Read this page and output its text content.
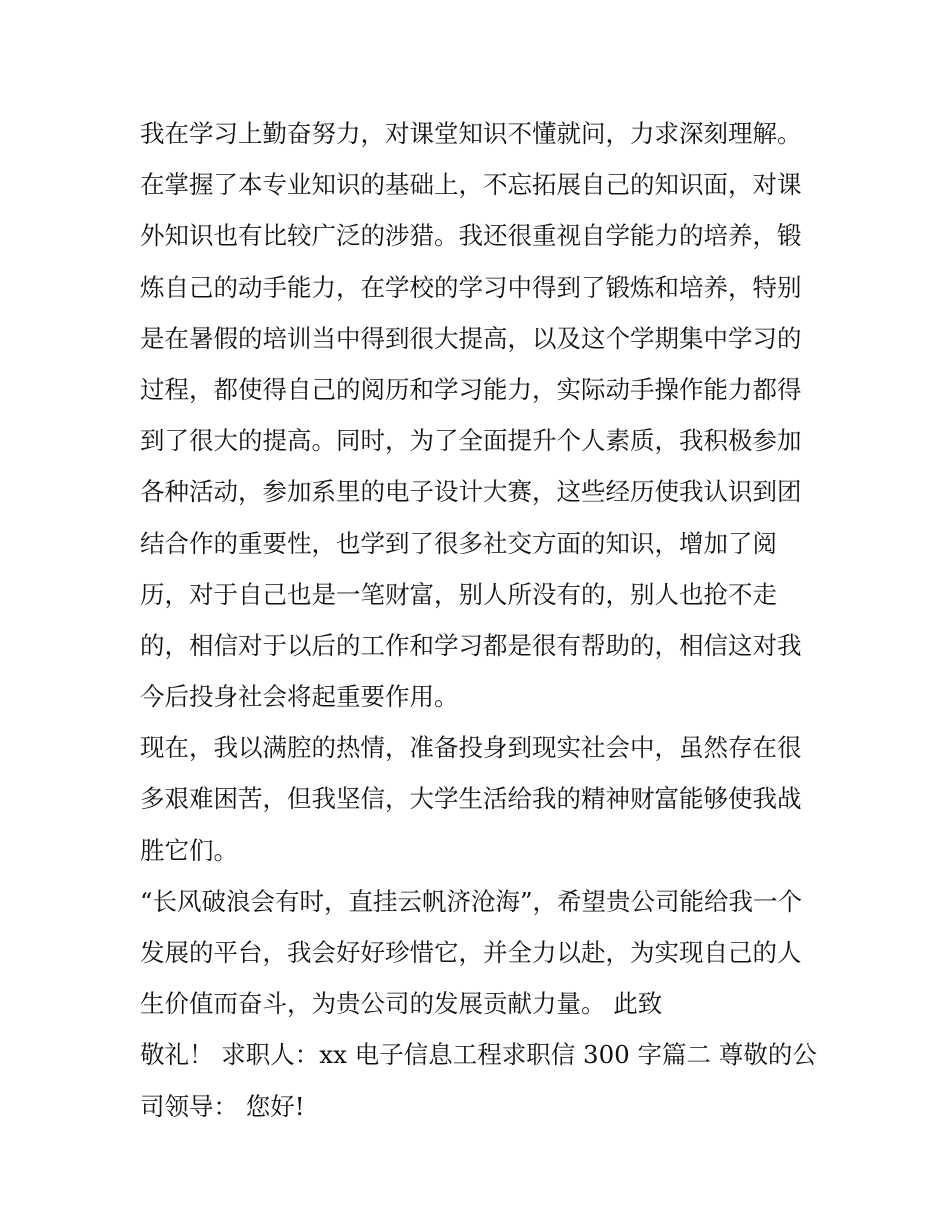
我在学习上勤奋努力，对课堂知识不懂就问，力求深刻理解。
在掌握了本专业知识的基础上，不忘拓展自己的知识面，对课
外知识也有比较广泛的涉猎。我还很重视自学能力的培养，锻
炼自己的动手能力，在学校的学习中得到了锻炼和培养，特别
是在暑假的培训当中得到很大提高，以及这个学期集中学习的
过程，都使得自己的阅历和学习能力，实际动手操作能力都得
到了很大的提高。同时，为了全面提升个人素质，我积极参加
各种活动，参加系里的电子设计大赛，这些经历使我认识到团
结合作的重要性，也学到了很多社交方面的知识，增加了阅
历，对于自己也是一笔财富，别人所没有的，别人也抢不走
的，相信对于以后的工作和学习都是很有帮助的，相信这对我
今后投身社会将起重要作用。
现在，我以满腔的热情，准备投身到现实社会中，虽然存在很
多艰难困苦，但我坚信，大学生活给我的精神财富能够使我战
胜它们。
“长风破浪会有时，直挂云帆济沧海”，希望贵公司能给我一个
发展的平台，我会好好珍惜它，并全力以赴，为实现自己的人
生价值而奋斗，为贵公司的发展贡献力量。 此致
敬礼！ 求职人：xx 电子信息工程求职信 300 字篇二 尊敬的公
司领导： 您好!
